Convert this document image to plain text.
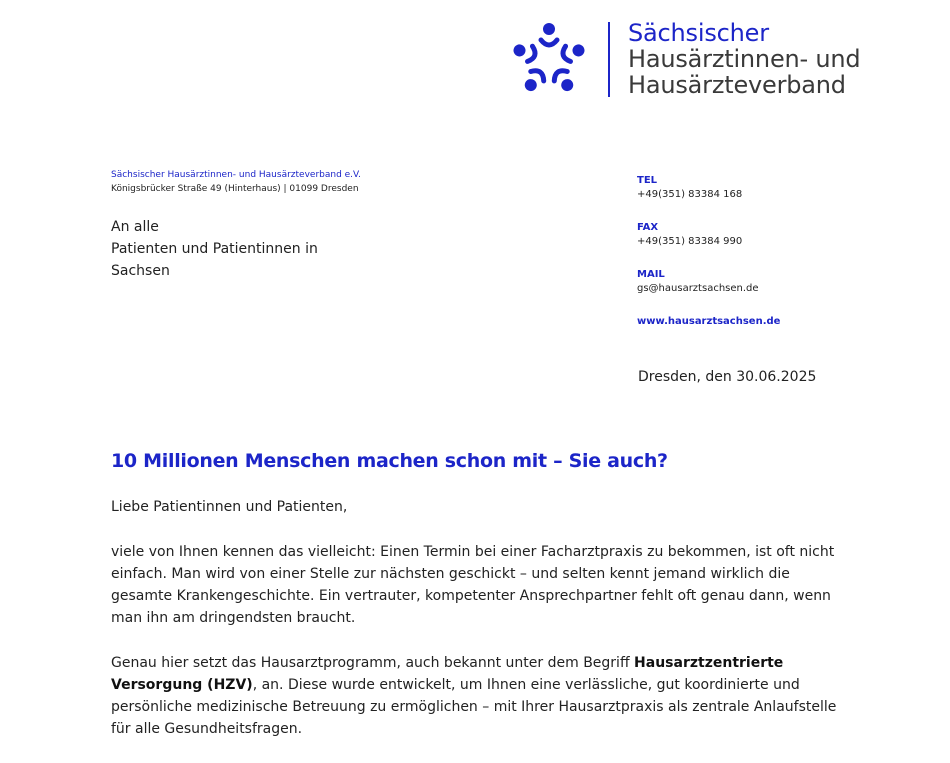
Sächsischer
Hausärztinnen- und
Hausärzteverband
Sächsischer Hausärztinnen- und Hausärzteverband e.V.
Königsbrücker Straße 49 (Hinterhaus) | 01099 Dresden
An alle
Patienten und Patientinnen in
Sachsen
TEL
+49(351) 83384 168
FAX
+49(351) 83384 990
MAIL
gs@hausarztsachsen.de
www.hausarztsachsen.de
Dresden, den 30.06.2025
10 Millionen Menschen machen schon mit – Sie auch?

Liebe Patientinnen und Patienten,

viele von Ihnen kennen das vielleicht: Einen Termin bei einer Facharztpraxis zu bekommen, ist oft nicht einfach. Man wird von einer Stelle zur nächsten geschickt – und selten kennt jemand wirklich die gesamte Krankengeschichte. Ein vertrauter, kompetenter Ansprechpartner fehlt oft genau dann, wenn man ihn am dringendsten braucht.

Genau hier setzt das Hausarztprogramm, auch bekannt unter dem Begriff Hausarztzentrierte Versorgung (HZV), an. Diese wurde entwickelt, um Ihnen eine verlässliche, gut koordinierte und persönliche medizinische Betreuung zu ermöglichen – mit Ihrer Hausarztpraxis als zentrale Anlaufstelle für alle Gesundheitsfragen.
